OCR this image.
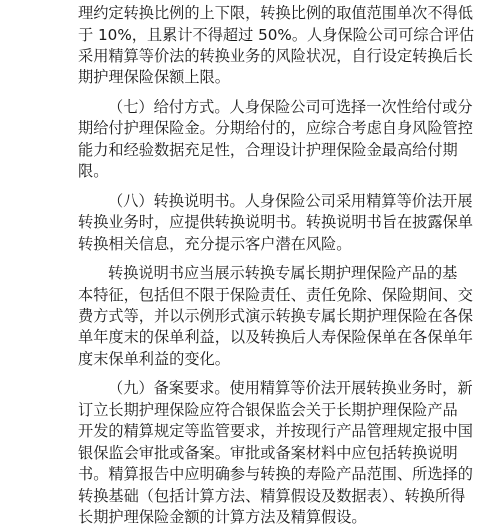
理约定转换比例的上下限，转换比例的取值范围单次不得低
于 10%，且累计不得超过 50%。人身保险公司可综合评估
采用精算等价法的转换业务的风险状况，自行设定转换后长
期护理保险保额上限。
（七）给付方式。人身保险公司可选择一次性给付或分
期给付护理保险金。分期给付的，应综合考虑自身风险管控
能力和经验数据充足性，合理设计护理保险金最高给付期
限。
（八）转换说明书。人身保险公司采用精算等价法开展
转换业务时，应提供转换说明书。转换说明书旨在披露保单
转换相关信息，充分提示客户潜在风险。
转换说明书应当展示转换专属长期护理保险产品的基
本特征，包括但不限于保险责任、责任免除、保险期间、交
费方式等，并以示例形式演示转换专属长期护理保险在各保
单年度末的保单利益，以及转换后人寿保险保单在各保单年
度末保单利益的变化。
（九）备案要求。使用精算等价法开展转换业务时，新
订立长期护理保险应符合银保监会关于长期护理保险产品
开发的精算规定等监管要求，并按现行产品管理规定报中国
银保监会审批或备案。审批或备案材料中应包括转换说明
书。精算报告中应明确参与转换的寿险产品范围、所选择的
转换基础（包括计算方法、精算假设及数据表）、转换所得
长期护理保险金额的计算方法及精算假设。
